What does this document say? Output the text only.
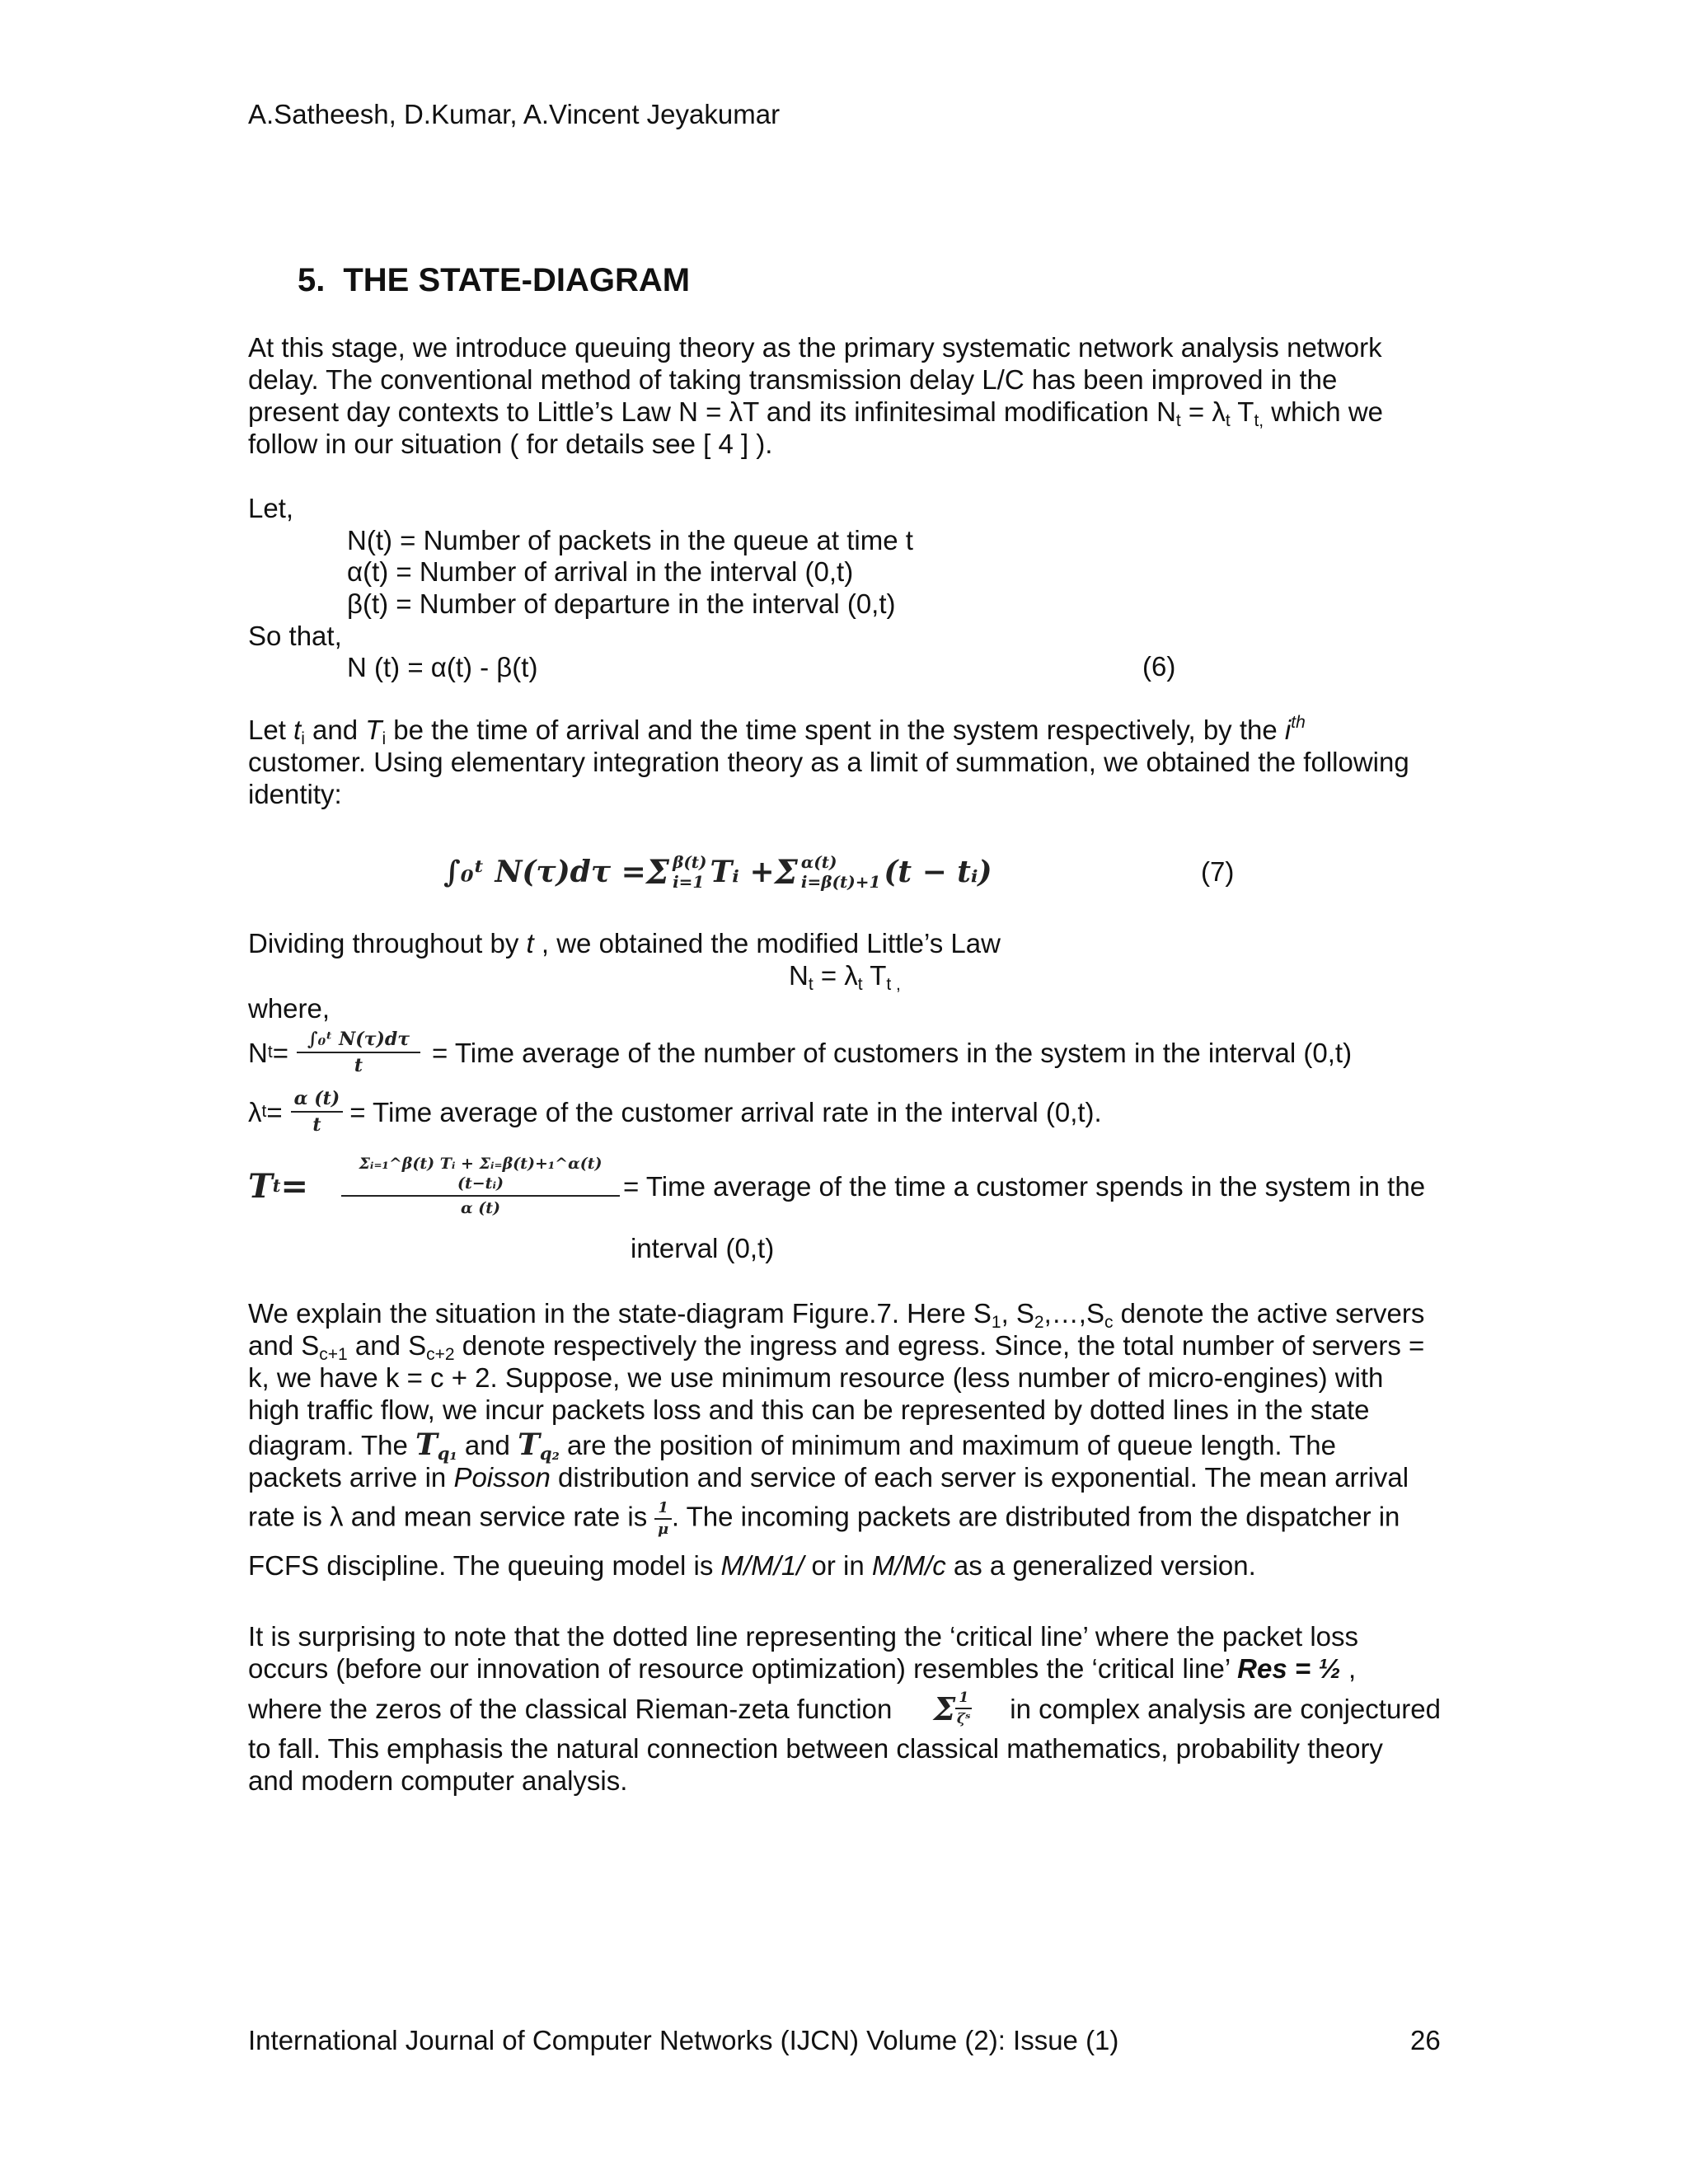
A.Satheesh, D.Kumar, A.Vincent Jeyakumar
5. THE STATE-DIAGRAM
At this stage, we introduce queuing theory as the primary systematic network analysis network
delay. The conventional method of taking transmission delay L/C has been improved in the
present day contexts to Little’s Law N = λT and its infinitesimal modification $N_t = \lambda_t$ $T_{t,}$ which we
follow in our situation ( for details see [ 4 ] ).
Let,
N(t) = Number of packets in the queue at time t
α(t) = Number of arrival in the interval (0,t)
β(t) = Number of departure in the interval (0,t)
So that,
N (t) = α(t) - β(t)	(6)
Let $t_i$ and $T_i$ be the time of arrival and the time spent in the system respectively, by the $i^{th}$
customer. Using elementary integration theory as a limit of summation, we obtained the following
identity:
∫₀ᵗ N(τ)dτ = Σ β(t)
i=1 Tᵢ + Σ α(t)
i=β(t)+1 (t − tᵢ)	(7)
Dividing throughout by t , we obtained the modified Little’s Law
$N_t = \lambda_t$ $T_{t ,}$
where,
N $t = \frac{\text{∫₀ᵗ N(τ)dτ}}{t}$ = Time average of the number of customers in the system in the interval (0,t)
λ $t = \frac{\alpha (t)}{t}$ = Time average of the customer arrival rate in the interval (0,t).
T $t = \frac{\text{Σᵢ₌₁\textasciicircum{}β(t) Tᵢ + Σᵢ₌β(t)+₁\textasciicircum{}α(t) (t−tᵢ)}}{\alpha (t)}$ = Time average of the time a customer spends in the system in the
interval (0,t)
We explain the situation in the state-diagram Figure.7. Here $S_1$, $S_2,\dots,S_c$ denote the active servers
and $S_{c+1}$ and $S_{c+2}$ denote respectively the ingress and egress. Since, the total number of servers =
k, we have k = c + 2. Suppose, we use minimum resource (less number of micro-engines) with
high traffic flow, we incur packets loss and this can be represented by dotted lines in the state
diagram. The $T_{q_1}$ and $T_{q_2}$ are the position of minimum and maximum of queue length. The
packets arrive in Poisson distribution and service of each server is exponential. The mean arrival
rate is λ and mean service rate is $\frac{1}{\mu}$ . The incoming packets are distributed from the dispatcher in
FCFS discipline. The queuing model is M/M/1/ or in M/M/c as a generalized version.
It is surprising to note that the dotted line representing the ‘critical line’ where the packet loss
occurs (before our innovation of resource optimization) resembles the ‘critical line’ Res = ½ ,
where the zeros of the classical Rieman-zeta function Σ $\frac{1}{\text{ζˢ}}$ in complex analysis are conjectured
to fall. This emphasis the natural connection between classical mathematics, probability theory
and modern computer analysis.
International Journal of Computer Networks (IJCN) Volume (2): Issue (1)	26
